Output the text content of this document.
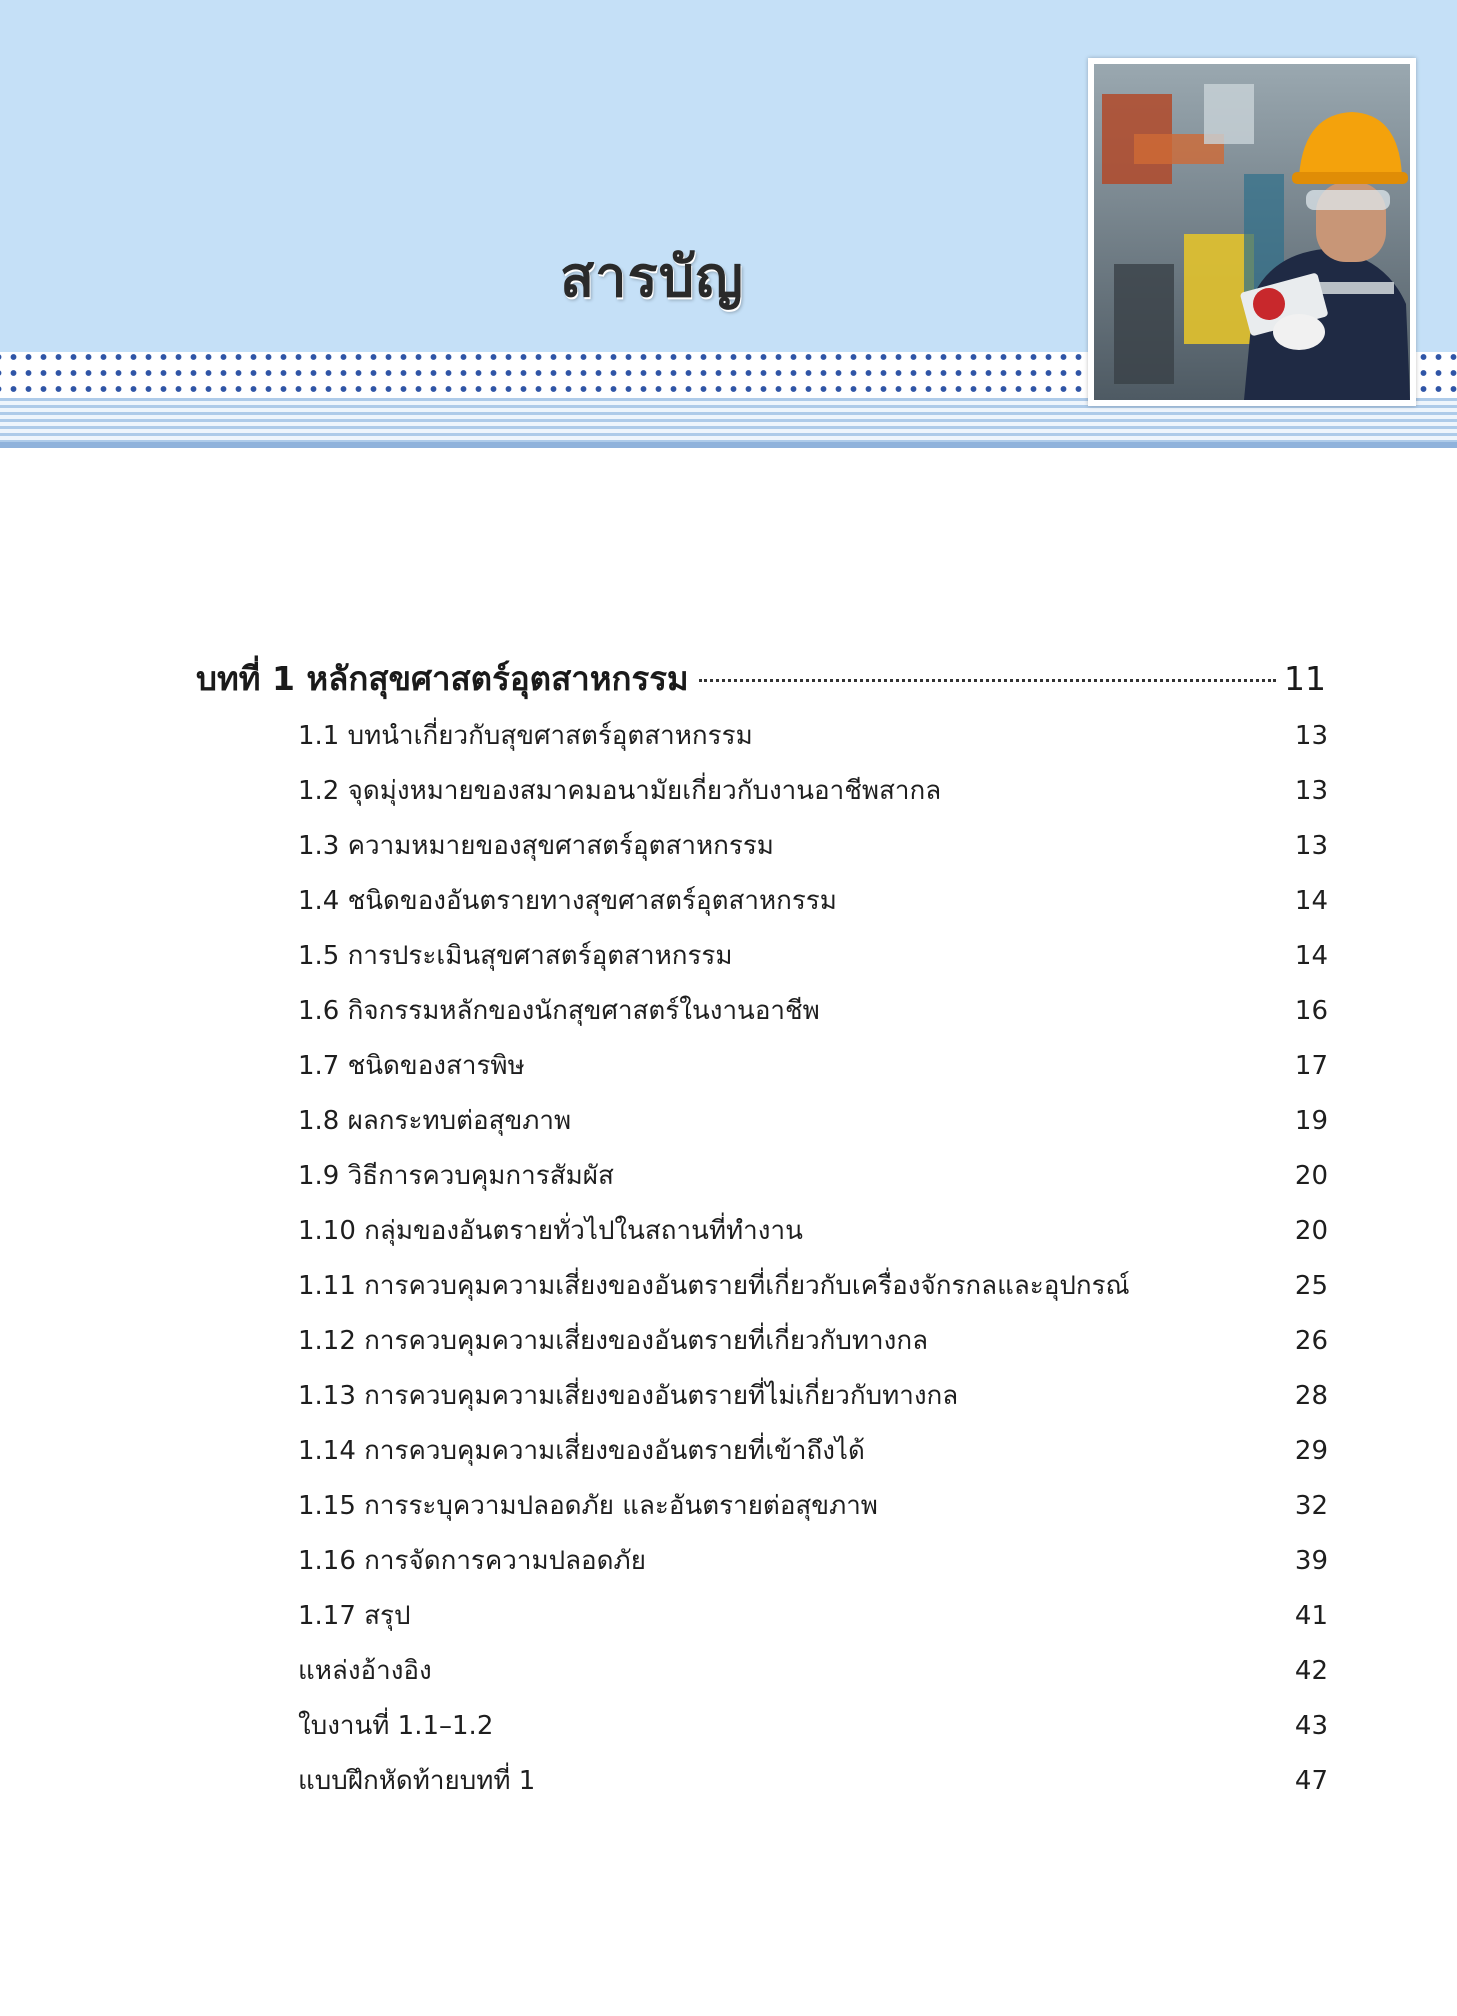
สารบัญ
บทที่ 1 หลักสุขศาสตร์อุตสาหกรรม	11
1.1 บทนำเกี่ยวกับสุขศาสตร์อุตสาหกรรม	13
1.2 จุดมุ่งหมายของสมาคมอนามัยเกี่ยวกับงานอาชีพสากล	13
1.3 ความหมายของสุขศาสตร์อุตสาหกรรม	13
1.4 ชนิดของอันตรายทางสุขศาสตร์อุตสาหกรรม	14
1.5 การประเมินสุขศาสตร์อุตสาหกรรม	14
1.6 กิจกรรมหลักของนักสุขศาสตร์ในงานอาชีพ	16
1.7 ชนิดของสารพิษ	17
1.8 ผลกระทบต่อสุขภาพ	19
1.9 วิธีการควบคุมการสัมผัส	20
1.10 กลุ่มของอันตรายทั่วไปในสถานที่ทำงาน	20
1.11 การควบคุมความเสี่ยงของอันตรายที่เกี่ยวกับเครื่องจักรกลและอุปกรณ์	25
1.12 การควบคุมความเสี่ยงของอันตรายที่เกี่ยวกับทางกล	26
1.13 การควบคุมความเสี่ยงของอันตรายที่ไม่เกี่ยวกับทางกล	28
1.14 การควบคุมความเสี่ยงของอันตรายที่เข้าถึงได้	29
1.15 การระบุความปลอดภัย และอันตรายต่อสุขภาพ	32
1.16 การจัดการความปลอดภัย	39
1.17 สรุป	41
แหล่งอ้างอิง	42
ใบงานที่ 1.1–1.2	43
แบบฝึกหัดท้ายบทที่ 1	47
